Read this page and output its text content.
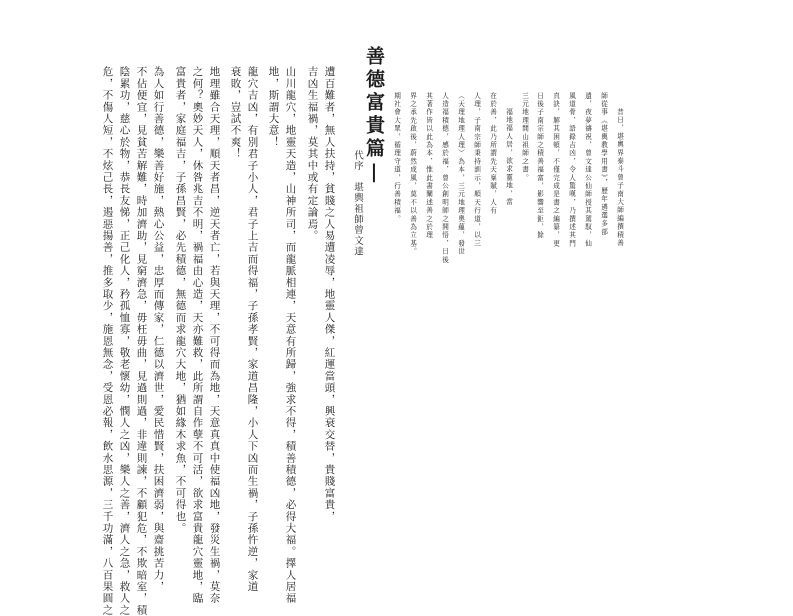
昔日，堪輿界泰斗曾子南大師編撰積善
師從事《堪輿教學用書》，歷年遴選多部
遺，夜夢禱祝，曾文達公仙師授其駕馭，仙
風道骨，語錄吉凶，令人驚嘆，乃撰述其門
真訣，解其困頓，不僅完成是書之編纂，更
日後子南宗師之積善福富，影響至鉅，餘
三元地理開山祖師之書。
福地福人居，欲求靈地，當
在於善，此乃所謂先天稟賦，人有
人理，子南宗師秉持訓示，順天行道，以三
（天理地理人理）為本，三元地理奧蘊，發世
人造福積德，感於福，曾公創明師之開悟，日後
其著作皆以此為本，惟此書闡述善之於理
界之承先啟後，蔚然成風，莫不以善為立基。
期社會大眾，循理守道，行善積福。
善德富貴篇|
代序
堪輿祖師曾文達
遭百難者，無人扶持，貧賤之人易遭凌辱，地靈人傑，紅運當頭，興衰交替，貴賤富貴，
吉凶生福禍，莫其中或有定論焉。
山川龍穴，地靈天造，山神所司，而龍脈相連，天意有所歸，強求不得，積善積德，必得大福。擇人居福
地，斯謂大意！
龍穴吉凶，有別君子小人，君子上吉而得福，子孫孝賢，家道昌隆，小人下凶而生禍，子孫忤逆，家道
衰敗，豈試不爽！
地理雖合天理，順天者昌，逆天者亡，若與天理，不可得而為地，天意真真中使福凶地，發災生禍，莫奈
之何？奧妙天人，休咎兆吉不明，禍福由心造，天亦難救，此所謂自作孽不可活，欲求富貴龍穴靈地，臨
富貴者，家庭福吉，子孫昌賢，必先積德，無德而求龍穴大地，猶如緣木求魚，不可得也。
為人如行善德，樂善好施，熱心公益，忠厚而傳家，仁德以濟世，愛民惜賢，扶困濟弱，與齋挑苦力，
不佔便宜，見貧苦解難，時加濟助，見窮濟急，毋枉毋曲，見過則過，非違則諫，不顧犯危，不欺暗室，積
陰累功，慈心於物，恭長友悌，正己化人，矜孤恤寡，敬老懷幼，憫人之凶，樂人之善，濟人之急，救人之
危，不傷人短，不炫己長，遏惡揚善，推多取少，施恩無念，受恩必報，飲水思源，三千功滿，八百果圓之
